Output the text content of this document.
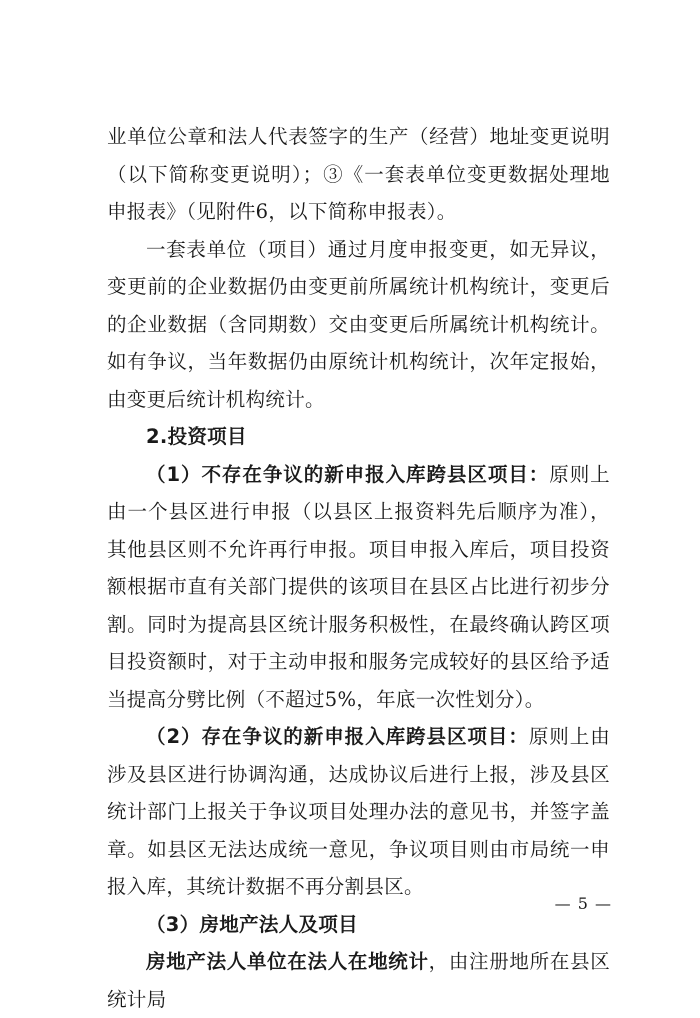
业单位公章和法人代表签字的生产（经营）地址变更说明（以下简称变更说明）；③《一套表单位变更数据处理地申报表》（见附件6，以下简称申报表）。

一套表单位（项目）通过月度申报变更，如无异议，变更前的企业数据仍由变更前所属统计机构统计，变更后的企业数据（含同期数）交由变更后所属统计机构统计。如有争议，当年数据仍由原统计机构统计，次年定报始，由变更后统计机构统计。

2.投资项目

（1）不存在争议的新申报入库跨县区项目：原则上由一个县区进行申报（以县区上报资料先后顺序为准），其他县区则不允许再行申报。项目申报入库后，项目投资额根据市直有关部门提供的该项目在县区占比进行初步分割。同时为提高县区统计服务积极性，在最终确认跨区项目投资额时，对于主动申报和服务完成较好的县区给予适当提高分劈比例（不超过5%，年底一次性划分）。

（2）存在争议的新申报入库跨县区项目：原则上由涉及县区进行协调沟通，达成协议后进行上报，涉及县区统计部门上报关于争议项目处理办法的意见书，并签字盖章。如县区无法达成统一意见，争议项目则由市局统一申报入库，其统计数据不再分割县区。

（3）房地产法人及项目

房地产法人单位在法人在地统计，由注册地所在县区统计局

— 5 —
